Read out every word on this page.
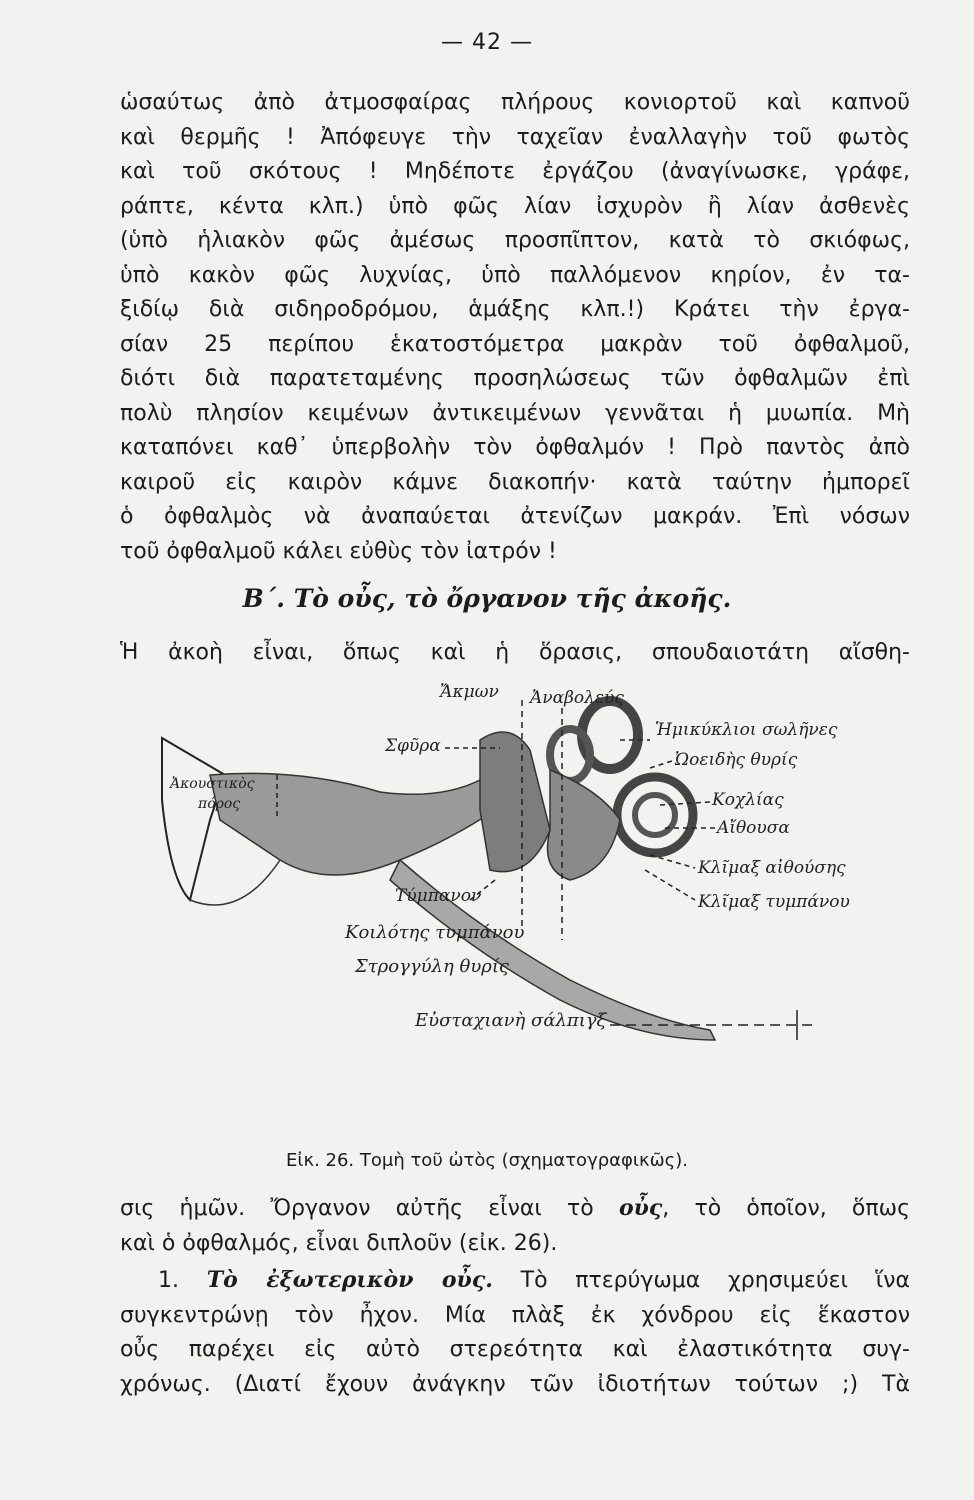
— 42 —

ὡσαύτως ἀπὸ ἀτμοσφαίρας πλήρους κονιορτοῦ καὶ καπνοῦ

καὶ θερμῆς ! Ἀπόφευγε τὴν ταχεῖαν ἐναλλαγὴν τοῦ φωτὸς

καὶ τοῦ σκότους ! Μηδέποτε ἐργάζου (ἀναγίνωσκε, γράφε,

ράπτε, κέντα κλπ.) ὑπὸ φῶς λίαν ἰσχυρὸν ἢ λίαν ἀσθενὲς

(ὑπὸ ἡλιακὸν φῶς ἀμέσως προσπῖπτον, κατὰ τὸ σκιόφως,

ὑπὸ κακὸν φῶς λυχνίας, ὑπὸ παλλόμενον κηρίον, ἐν τα-

ξιδίῳ διὰ σιδηροδρόμου, ἁμάξης κλπ.!) Κράτει τὴν ἐργα-

σίαν 25 περίπου ἑκατοστόμετρα μακρὰν τοῦ ὀφθαλμοῦ,

διότι διὰ παρατεταμένης προσηλώσεως τῶν ὀφθαλμῶν ἐπὶ

πολὺ πλησίον κειμένων ἀντικειμένων γεννᾶται ἡ μυωπία. Μὴ

καταπόνει καθ᾿ ὑπερβολὴν τὸν ὀφθαλμόν ! Πρὸ παντὸς ἀπὸ

καιροῦ εἰς καιρὸν κάμνε διακοπήν· κατὰ ταύτην ἠμπορεῖ

ὁ ὀφθαλμὸς νὰ ἀναπαύεται ἀτενίζων μακράν. Ἐπὶ νόσων

τοῦ ὀφθαλμοῦ κάλει εὐθὺς τὸν ἰατρόν !

Β΄. Τὸ οὖς, τὸ ὄργανον τῆς ἀκοῆς.

Ἡ ἀκοὴ εἶναι, ὅπως καὶ ἡ ὅρασις, σπουδαιοτάτη αἴσθη-

Ἄκμων Ἀναβολεύς
Σφῦρα
Ἀκουστικὸς
πόρος
Ἡμικύκλιοι σωλῆνες
Ὠοειδὴς θυρίς
Κοχλίας
Αἴθουσα
Κλῖμαξ αἰθούσης
Κλῖμαξ τυμπάνου
Τύμπανον
Κοιλότης τυμπάνου
Στρογγύλη θυρίς
Εὐσταχιανὴ σάλπιγξ
Εἰκ. 26. Τομὴ τοῦ ὠτὸς (σχηματογραφικῶς).

σις ἡμῶν. Ὄργανον αὐτῆς εἶναι τὸ οὖς, τὸ ὁποῖον, ὅπως

καὶ ὁ ὀφθαλμός, εἶναι διπλοῦν (εἰκ. 26).

1. Τὸ ἐξωτερικὸν οὖς. Τὸ πτερύγωμα χρησιμεύει ἵνα

συγκεντρώνῃ τὸν ἦχον. Μία πλὰξ ἐκ χόνδρου εἰς ἕκαστον

οὖς παρέχει εἰς αὐτὸ στερεότητα καὶ ἐλαστικότητα συγ-

χρόνως. (Διατί ἔχουν ἀνάγκην τῶν ἰδιοτήτων τούτων ;) Τὰ
